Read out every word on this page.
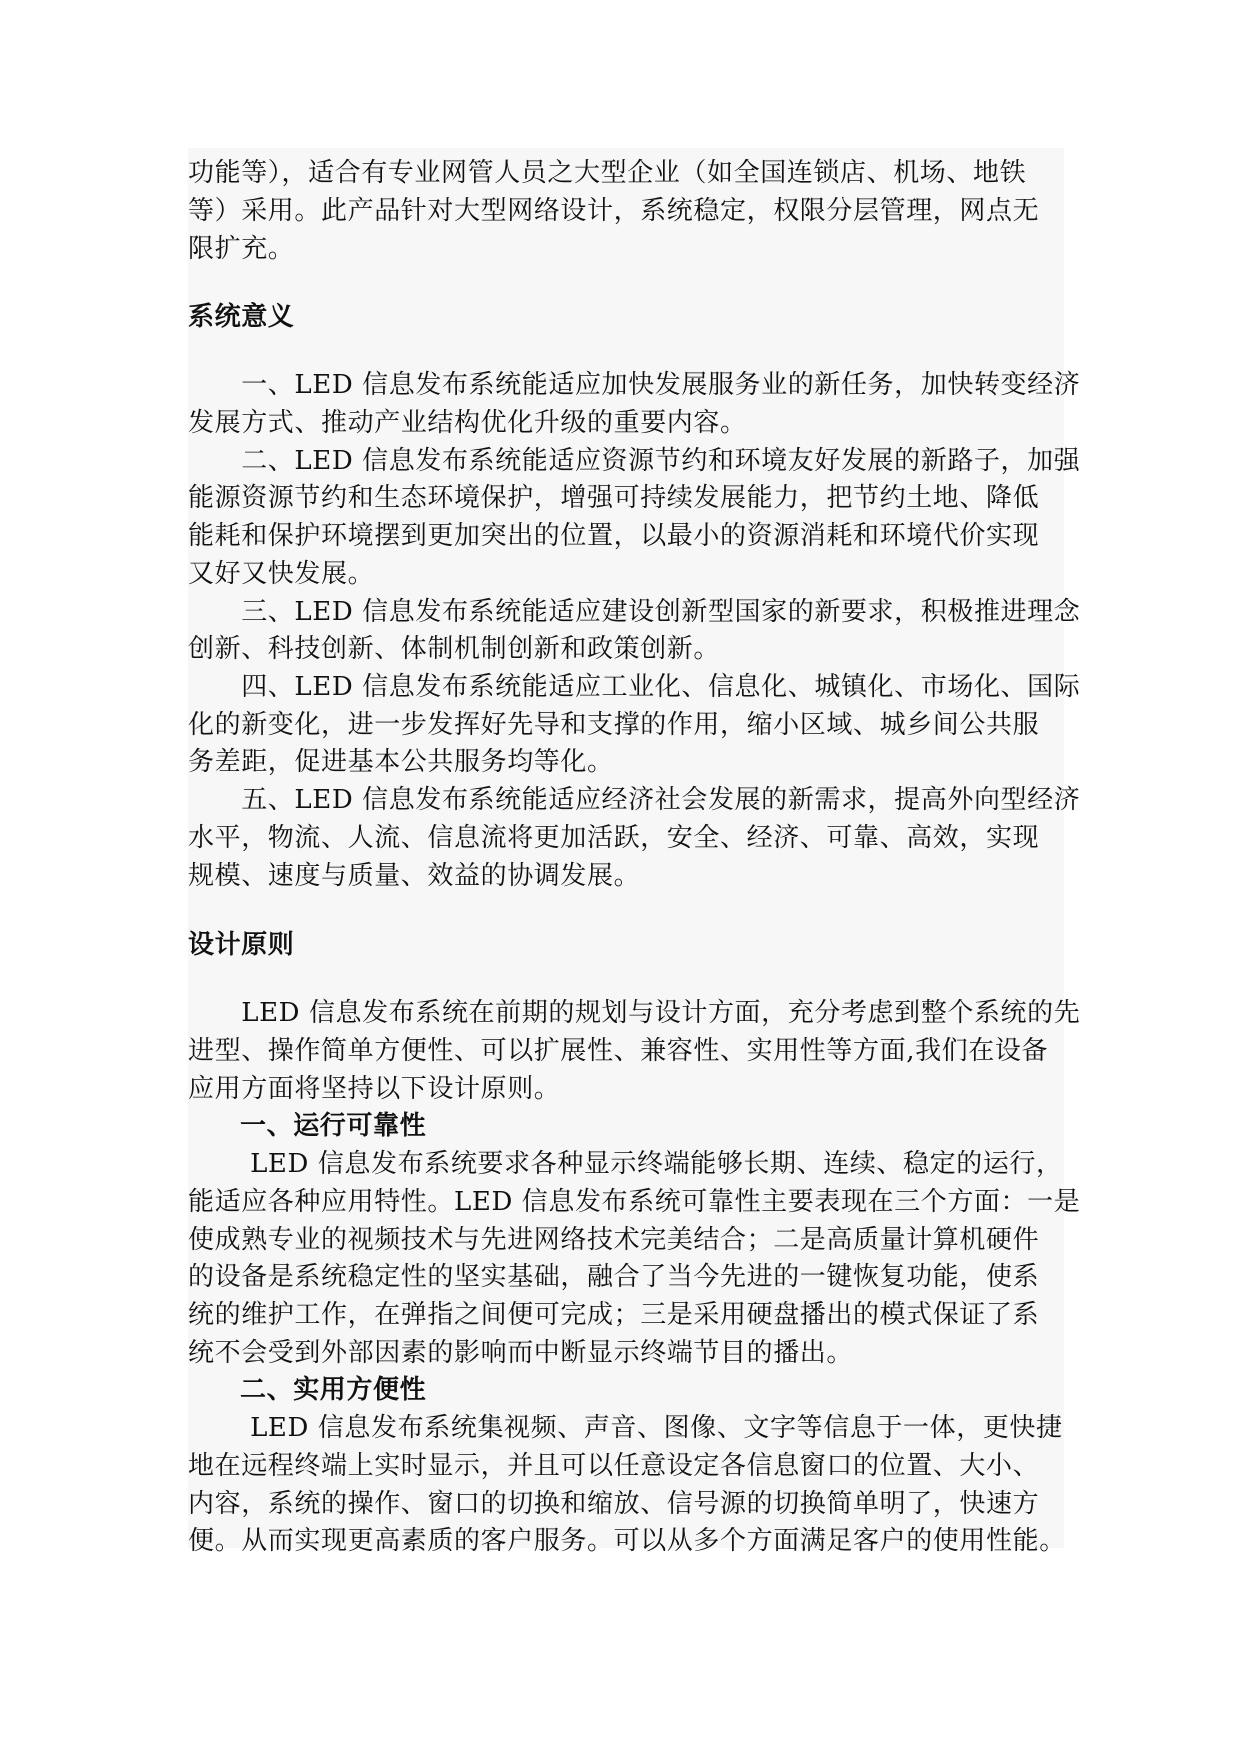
功能等），适合有专业网管人员之大型企业（如全国连锁店、机场、地铁
等）采用。此产品针对大型网络设计，系统稳定，权限分层管理，网点无
限扩充。
系统意义
　　一、LED 信息发布系统能适应加快发展服务业的新任务，加快转变经济
发展方式、推动产业结构优化升级的重要内容。
　　二、LED 信息发布系统能适应资源节约和环境友好发展的新路子，加强
能源资源节约和生态环境保护，增强可持续发展能力，把节约土地、降低
能耗和保护环境摆到更加突出的位置，以最小的资源消耗和环境代价实现
又好又快发展。
　　三、LED 信息发布系统能适应建设创新型国家的新要求，积极推进理念
创新、科技创新、体制机制创新和政策创新。
　　四、LED 信息发布系统能适应工业化、信息化、城镇化、市场化、国际
化的新变化，进一步发挥好先导和支撑的作用，缩小区域、城乡间公共服
务差距，促进基本公共服务均等化。
　　五、LED 信息发布系统能适应经济社会发展的新需求，提高外向型经济
水平，物流、人流、信息流将更加活跃，安全、经济、可靠、高效，实现
规模、速度与质量、效益的协调发展。
设计原则
　　LED 信息发布系统在前期的规划与设计方面，充分考虑到整个系统的先
进型、操作简单方便性、可以扩展性、兼容性、实用性等方面,我们在设备
应用方面将坚持以下设计原则。
一、运行可靠性
　　 LED 信息发布系统要求各种显示终端能够长期、连续、稳定的运行，
能适应各种应用特性。LED 信息发布系统可靠性主要表现在三个方面：一是
使成熟专业的视频技术与先进网络技术完美结合；二是高质量计算机硬件
的设备是系统稳定性的坚实基础，融合了当今先进的一键恢复功能，使系
统的维护工作，在弹指之间便可完成；三是采用硬盘播出的模式保证了系
统不会受到外部因素的影响而中断显示终端节目的播出。
二、实用方便性
　　 LED 信息发布系统集视频、声音、图像、文字等信息于一体，更快捷
地在远程终端上实时显示，并且可以任意设定各信息窗口的位置、大小、
内容，系统的操作、窗口的切换和缩放、信号源的切换简单明了，快速方
便。从而实现更高素质的客户服务。可以从多个方面满足客户的使用性能。
